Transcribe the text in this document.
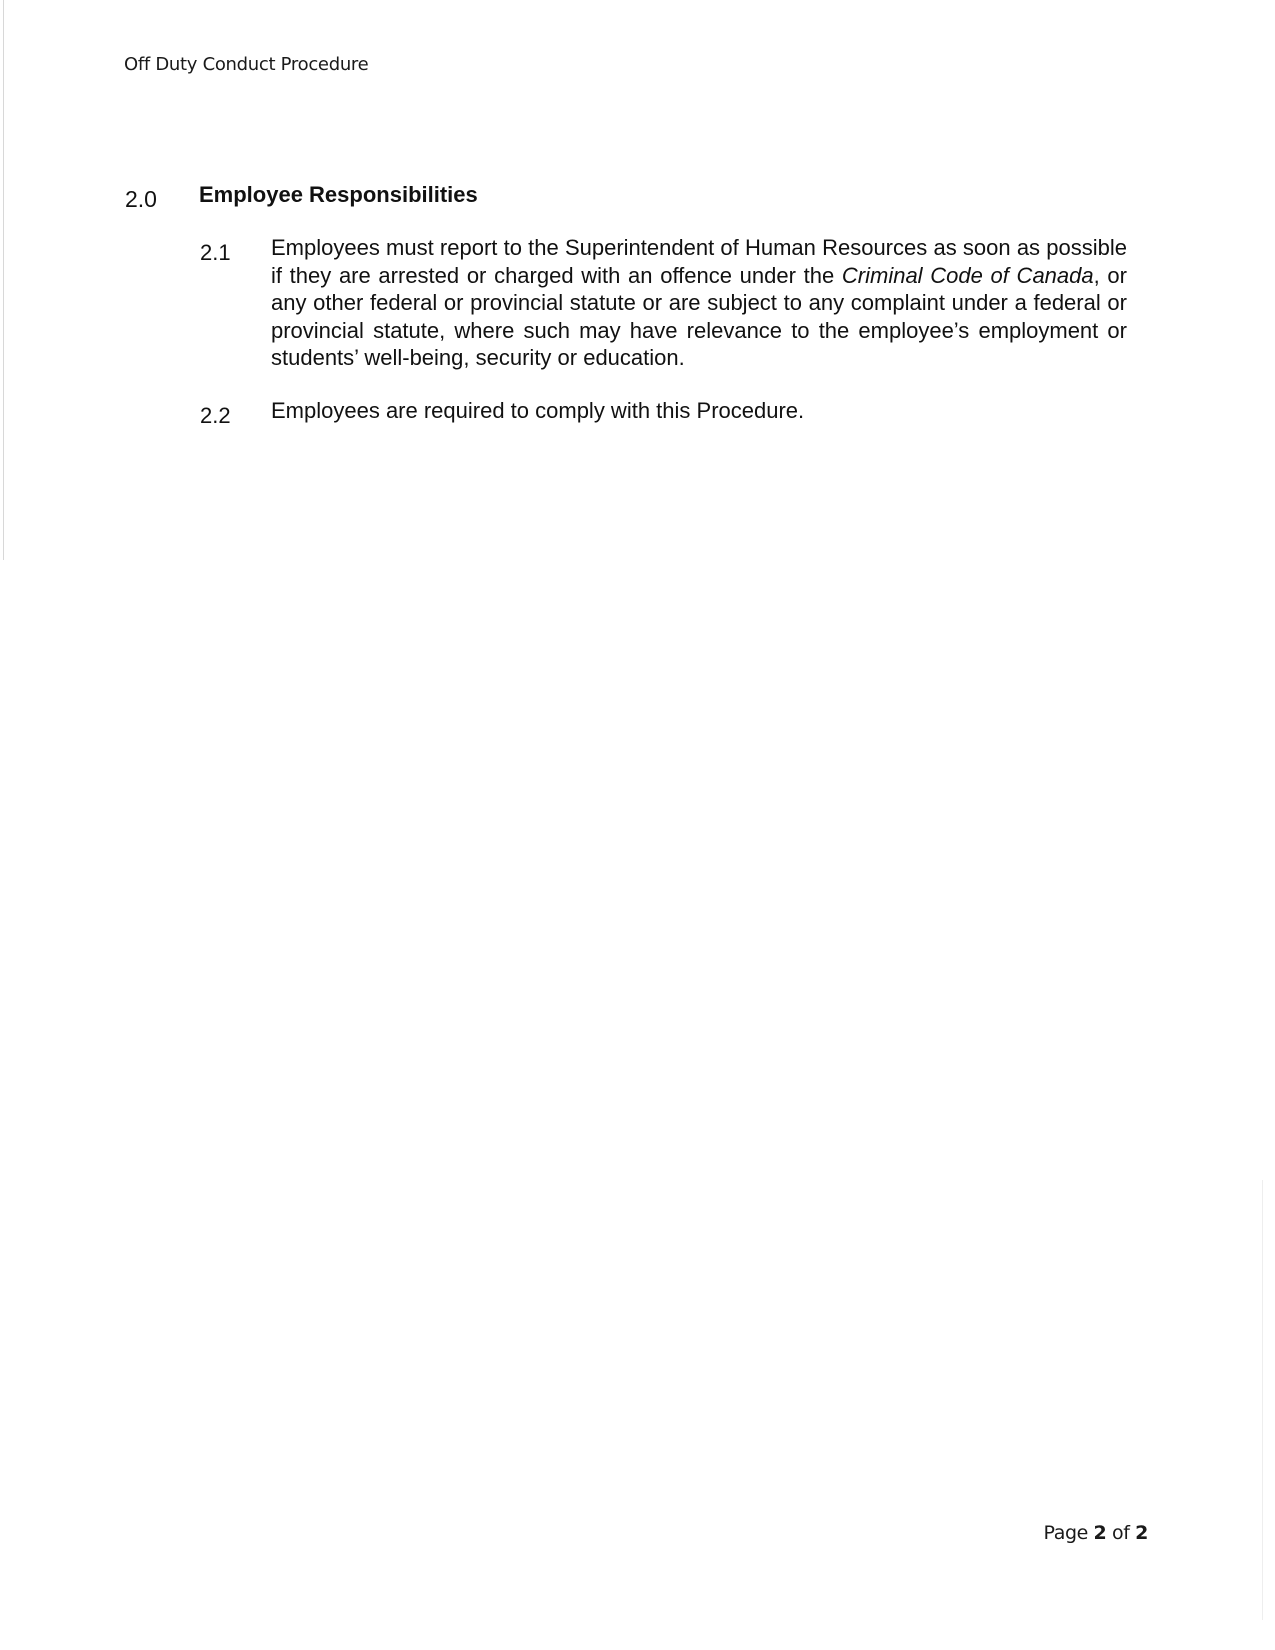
Off Duty Conduct Procedure
2.0 Employee Responsibilities
2.1 Employees must report to the Superintendent of Human Resources as soon as possible if they are arrested or charged with an offence under the Criminal Code of Canada, or any other federal or provincial statute or are subject to any complaint under a federal or provincial statute, where such may have relevance to the employee’s employment or students’ well-being, security or education.
2.2 Employees are required to comply with this Procedure.
Page 2 of 2
